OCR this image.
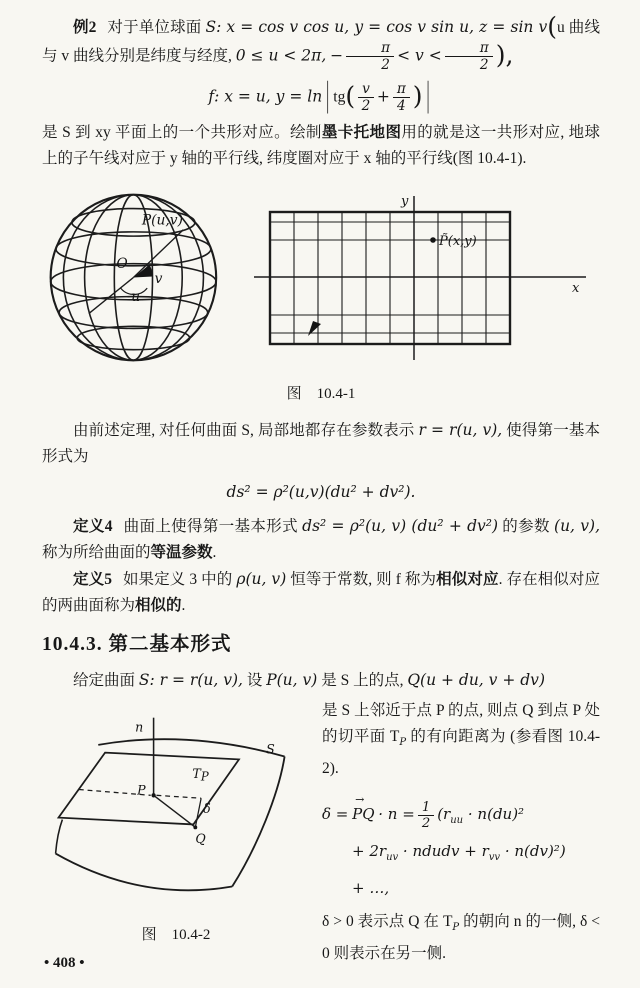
例2 对于单位球面 S: x = cos v cos u, y = cos v sin u, z = sin v(u 曲线与 v 曲线分别是纬度与经度, 0 ≤ u < 2π, − $\frac{\pi}{2} < v < \frac{\pi}{2}$ ),

f: x = u, y = ln | $tg( \frac{v}{2} + \frac{\pi}{4}$ ) |

是 S 到 xy 平面上的一个共形对应。绘制墨卡托地图用的就是这一共形对应, 地球上的子午线对应于 y 轴的平行线, 纬度圈对应于 x 轴的平行线(图 10.4-1).

P(u,v)
O
v
u
P̃(x,y)
x
y
图　10.4-1

由前述定理, 对任何曲面 S, 局部地都存在参数表示 r = r(u, v), 使得第一基本形式为

ds² = ρ²(u,v)(du² + dv²).

定义4 曲面上使得第一基本形式 ds² = ρ²(u, v) (du² + dv²) 的参数 (u, v), 称为所给曲面的等温参数.

定义5 如果定义 3 中的 ρ(u, v) 恒等于常数, 则 f 称为相似对应. 存在相似对应的两曲面称为相似的.

10.4.3. 第二基本形式

给定曲面 S: r = r(u, v), 设 P(u, v) 是 S 上的点, Q(u + du, v + dv)

n
S
TP
P
δ
Q
图　10.4-2

是 S 上邻近于点 P 的点, 则点 Q 到点 P 处的切平面 $T_P$ 的有向距离为 (参看图 10.4-2).

δ =
→
PQ · $n = \frac{1}{2} (r_{uu} \cdot n(du)^2$
+ $2r_{uv}$ · ndudv + $r_{vv} \cdot n(dv)^2$)
+ …,

δ > 0 表示点 Q 在 $T_P$ 的朝向 n 的一侧, δ < 0 则表示在另一侧.

• 408 •
